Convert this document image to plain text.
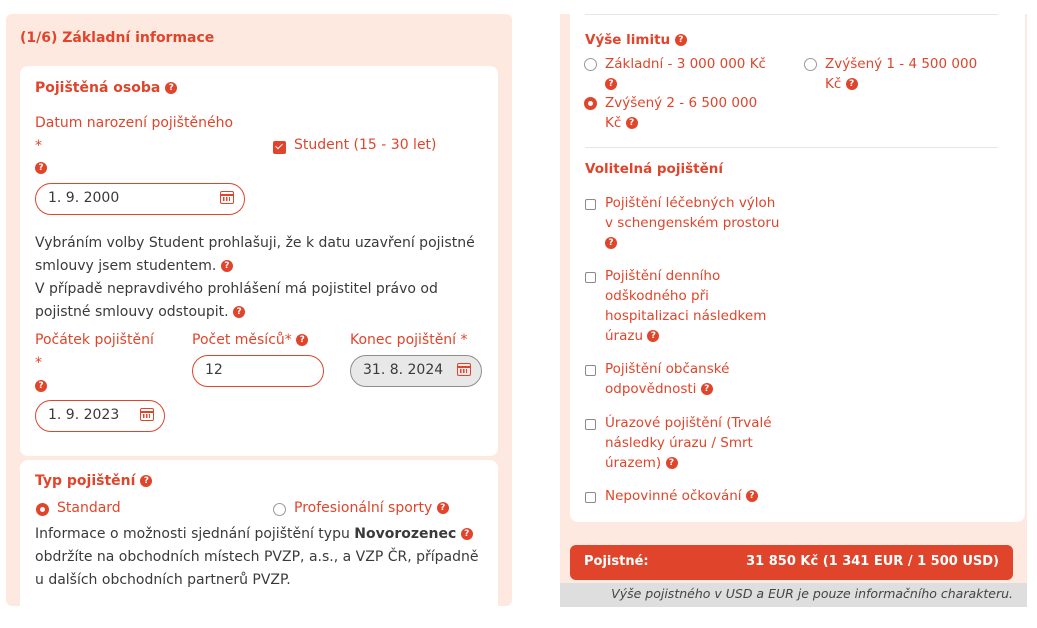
(1/6) Základní informace
Pojištěná osoba ?
Datum narození pojištěného
*
?
1. 9. 2000
Student (15 - 30 let)
Vybráním volby Student prohlašuji, že k datu uzavření pojistné
smlouvy jsem studentem. ?
V případě nepravdivého prohlášení má pojistitel právo od
pojistné smlouvy odstoupit. ?
Počátek pojištění
*
?
1. 9. 2023
Počet měsíců* ?
12
Konec pojištění *
31. 8. 2024
Typ pojištění ?
Standard	Profesionální sporty ?
Informace o možnosti sjednání pojištění typu Novorozenec ?
obdržíte na obchodních místech PVZP, a.s., a VZP ČR, případně
u dalších obchodních partnerů PVZP.
Výše limitu ?
Základní - 3 000 000 Kč
?
Zvýšený 1 - 4 500 000
Kč ?
Zvýšený 2 - 6 500 000
Kč ?
Volitelná pojištění
Pojištění léčebných výloh
v schengenském prostoru
?
Pojištění denního
odškodného při
hospitalizaci následkem
úrazu ?
Pojištění občanské
odpovědnosti ?
Úrazové pojištění (Trvalé
následky úrazu / Smrt
úrazem) ?
Nepovinné očkování ?
Pojistné:	31 850 Kč (1 341 EUR / 1 500 USD)
Výše pojistného v USD a EUR je pouze informačního charakteru.
